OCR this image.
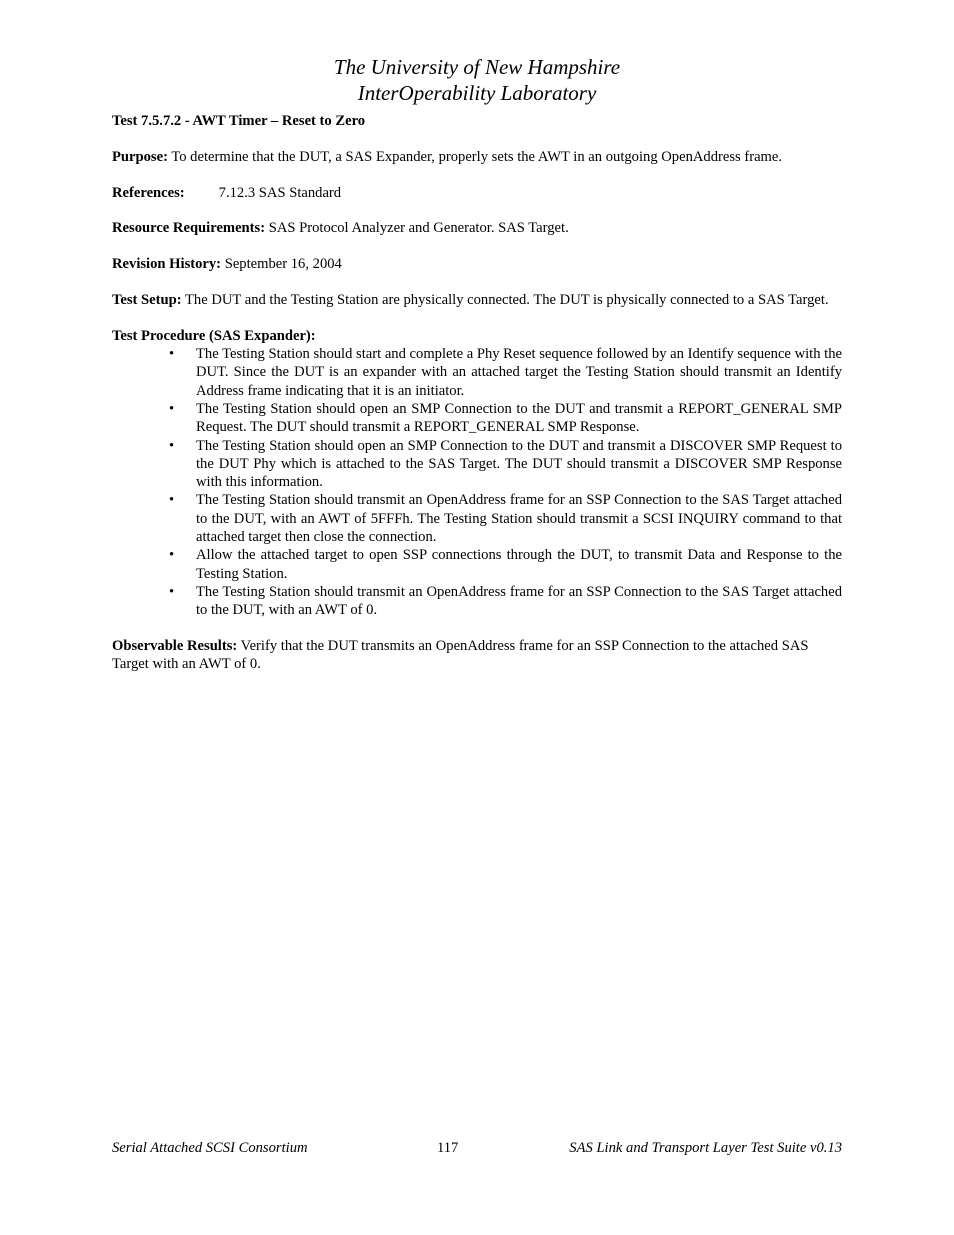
The University of New Hampshire
InterOperability Laboratory

Test 7.5.7.2 - AWT Timer – Reset to Zero

Purpose: To determine that the DUT, a SAS Expander, properly sets the AWT in an outgoing OpenAddress frame.

References: 7.12.3 SAS Standard

Resource Requirements: SAS Protocol Analyzer and Generator. SAS Target.

Revision History: September 16, 2004

Test Setup: The DUT and the Testing Station are physically connected. The DUT is physically connected to a SAS Target.

Test Procedure (SAS Expander):

• The Testing Station should start and complete a Phy Reset sequence followed by an Identify sequence with the DUT. Since the DUT is an expander with an attached target the Testing Station should transmit an Identify Address frame indicating that it is an initiator.
• The Testing Station should open an SMP Connection to the DUT and transmit a REPORT_GENERAL SMP Request. The DUT should transmit a REPORT_GENERAL SMP Response.
• The Testing Station should open an SMP Connection to the DUT and transmit a DISCOVER SMP Request to the DUT Phy which is attached to the SAS Target. The DUT should transmit a DISCOVER SMP Response with this information.
• The Testing Station should transmit an OpenAddress frame for an SSP Connection to the SAS Target attached to the DUT, with an AWT of 5FFFh. The Testing Station should transmit a SCSI INQUIRY command to that attached target then close the connection.
• Allow the attached target to open SSP connections through the DUT, to transmit Data and Response to the Testing Station.
• The Testing Station should transmit an OpenAddress frame for an SSP Connection to the SAS Target attached to the DUT, with an AWT of 0.

Observable Results: Verify that the DUT transmits an OpenAddress frame for an SSP Connection to the attached SAS Target with an AWT of 0.

Serial Attached SCSI Consortium	117	SAS Link and Transport Layer Test Suite v0.13
